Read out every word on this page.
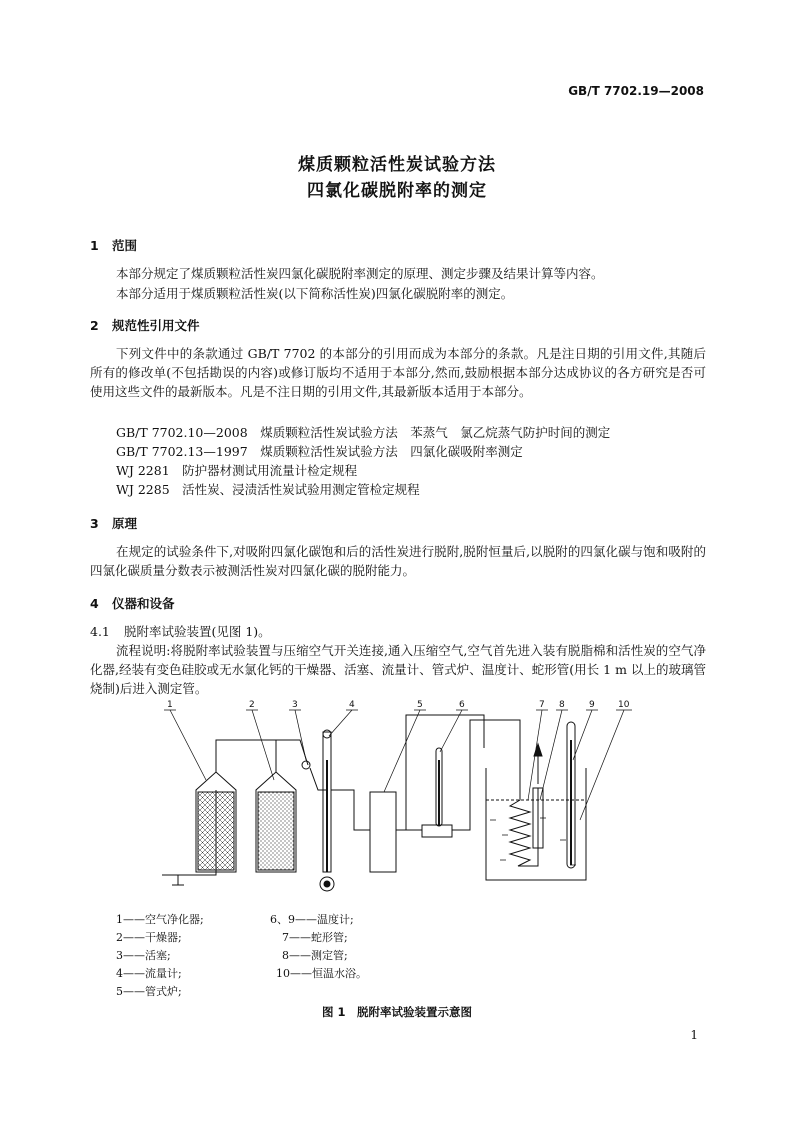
GB/T 7702.19—2008
煤质颗粒活性炭试验方法
四氯化碳脱附率的测定
1 范围
本部分规定了煤质颗粒活性炭四氯化碳脱附率测定的原理、测定步骤及结果计算等内容。
本部分适用于煤质颗粒活性炭(以下简称活性炭)四氯化碳脱附率的测定。
2 规范性引用文件
下列文件中的条款通过 GB/T 7702 的本部分的引用而成为本部分的条款。凡是注日期的引用文件,其随后所有的修改单(不包括勘误的内容)或修订版均不适用于本部分,然而,鼓励根据本部分达成协议的各方研究是否可使用这些文件的最新版本。凡是不注日期的引用文件,其最新版本适用于本部分。
GB/T 7702.10—2008　煤质颗粒活性炭试验方法　苯蒸气　氯乙烷蒸气防护时间的测定
GB/T 7702.13—1997　煤质颗粒活性炭试验方法　四氯化碳吸附率测定
WJ 2281　防护器材测试用流量计检定规程
WJ 2285　活性炭、浸渍活性炭试验用测定管检定规程
3 原理
在规定的试验条件下,对吸附四氯化碳饱和后的活性炭进行脱附,脱附恒量后,以脱附的四氯化碳与饱和吸附的四氯化碳质量分数表示被测活性炭对四氯化碳的脱附能力。
4 仪器和设备
4.1 脱附率试验装置(见图 1)。
流程说明:将脱附率试验装置与压缩空气开关连接,通入压缩空气,空气首先进入装有脱脂棉和活性炭的空气净化器,经装有变色硅胶或无水氯化钙的干燥器、活塞、流量计、管式炉、温度计、蛇形管(用长 1 m 以上的玻璃管烧制)后进入测定管。
1	2	3	4	5	6	7 8	9	10
1——空气净化器;
2——干燥器;
3——活塞;
4——流量计;
5——管式炉;
6、9——温度计;
7——蛇形管;
8——测定管;
10——恒温水浴。
图 1　脱附率试验装置示意图
1
